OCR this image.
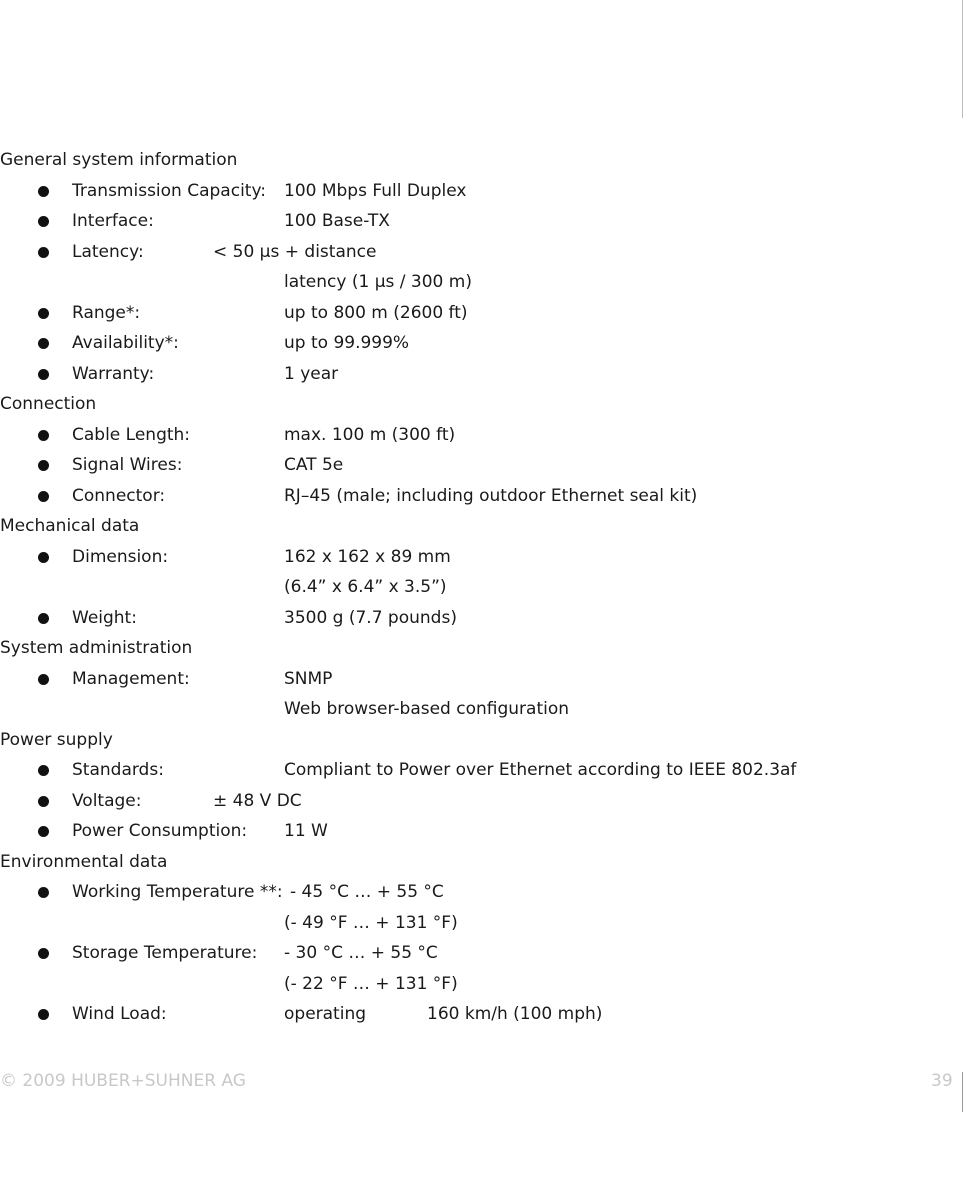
General system information
Transmission Capacity: 100 Mbps Full Duplex
Interface:	100 Base-TX
Latency:	< 50 µs + distance
latency (1 µs / 300 m)
Range*:	up to 800 m (2600 ft)
Availability*:	up to 99.999%
Warranty:	1 year
Connection
Cable Length:	max. 100 m (300 ft)
Signal Wires:	CAT 5e
Connector:	RJ–45 (male; including outdoor Ethernet seal kit)
Mechanical data
Dimension:	162 x 162 x 89 mm
(6.4” x 6.4” x 3.5”)
Weight:	3500 g (7.7 pounds)
System administration
Management:	SNMP
Web browser-based configuration
Power supply
Standards:	Compliant to Power over Ethernet according to IEEE 802.3af
Voltage:	± 48 V DC
Power Consumption: 11 W
Environmental data
Working Temperature **: - 45 °C … + 55 °C
(- 49 °F … + 131 °F)
Storage Temperature: - 30 °C … + 55 °C
(- 22 °F … + 131 °F)
Wind Load:	operating	160 km/h (100 mph)
© 2009 HUBER+SUHNER AG	39
